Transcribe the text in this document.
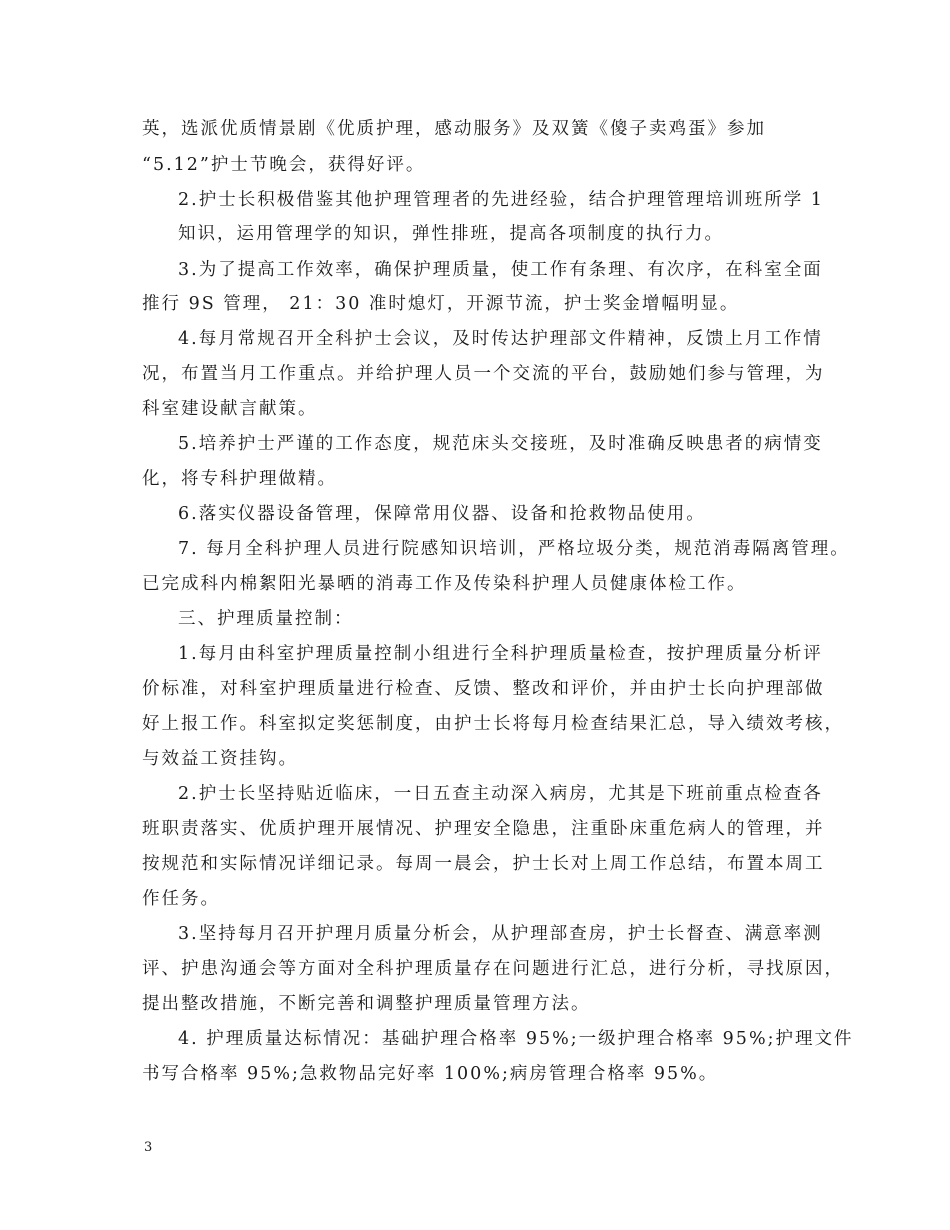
英，选派优质情景剧《优质护理，感动服务》及双簧《傻子卖鸡蛋》参加
“5.12”护士节晚会，获得好评。
2.护士长积极借鉴其他护理管理者的先进经验，结合护理管理培训班所学 1
知识，运用管理学的知识，弹性排班，提高各项制度的执行力。
3.为了提高工作效率，确保护理质量，使工作有条理、有次序，在科室全面
推行 9S 管理， 21：30 准时熄灯，开源节流，护士奖金增幅明显。
4.每月常规召开全科护士会议，及时传达护理部文件精神，反馈上月工作情
况，布置当月工作重点。并给护理人员一个交流的平台，鼓励她们参与管理，为
科室建设献言献策。
5.培养护士严谨的工作态度，规范床头交接班，及时准确反映患者的病情变
化，将专科护理做精。
6.落实仪器设备管理，保障常用仪器、设备和抢救物品使用。
7. 每月全科护理人员进行院感知识培训，严格垃圾分类，规范消毒隔离管理。
已完成科内棉絮阳光暴晒的消毒工作及传染科护理人员健康体检工作。
三、护理质量控制：
1.每月由科室护理质量控制小组进行全科护理质量检查，按护理质量分析评
价标准，对科室护理质量进行检查、反馈、整改和评价，并由护士长向护理部做
好上报工作。科室拟定奖惩制度，由护士长将每月检查结果汇总，导入绩效考核，
与效益工资挂钩。
2.护士长坚持贴近临床，一日五查主动深入病房，尤其是下班前重点检查各
班职责落实、优质护理开展情况、护理安全隐患，注重卧床重危病人的管理，并
按规范和实际情况详细记录。每周一晨会，护士长对上周工作总结，布置本周工
作任务。
3.坚持每月召开护理月质量分析会，从护理部查房，护士长督查、满意率测
评、护患沟通会等方面对全科护理质量存在问题进行汇总，进行分析，寻找原因，
提出整改措施，不断完善和调整护理质量管理方法。
4. 护理质量达标情况：基础护理合格率 95%;一级护理合格率 95%;护理文件
书写合格率 95%;急救物品完好率 100%;病房管理合格率 95%。
3
